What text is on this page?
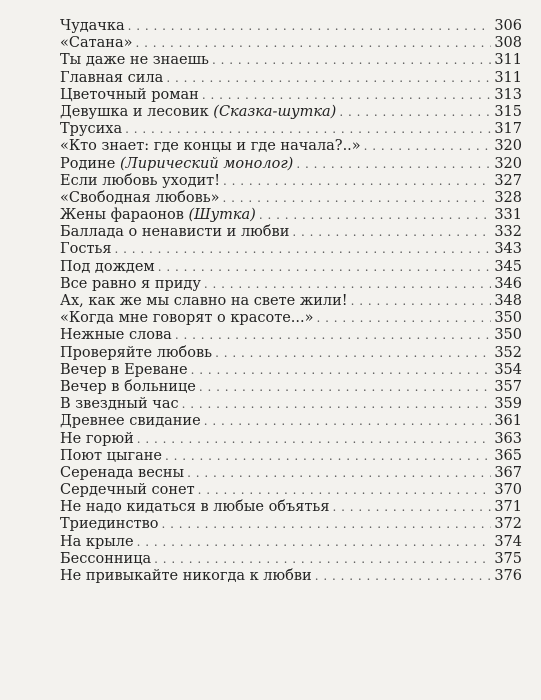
Чудачка . . .	306
«Сатана» . . .	308
Ты даже не знаешь . . .	311
Главная сила . . .	311
Цветочный роман . . .	313
Девушка и лесовик (Сказка-шутка) . . .	315
Трусиха . . .	317
«Кто знает: где концы и где начала?..» . . .	320
Родине (Лирический монолог) . . .	320
Если любовь уходит! . . .	327
«Свободная любовь» . . .	328
Жены фараонов (Шутка) . . .	331
Баллада о ненависти и любви . . .	332
Гостья . . .	343
Под дождем . . .	345
Все равно я приду . . .	346
Ах, как же мы славно на свете жили! . . .	348
«Когда мне говорят о красоте...» . . .	350
Нежные слова . . .	350
Проверяйте любовь . . .	352
Вечер в Ереване . . .	354
Вечер в больнице . . .	357
В звездный час . . .	359
Древнее свидание . . .	361
Не горюй . . .	363
Поют цыгане . . .	365
Серенада весны . . .	367
Сердечный сонет . . .	370
Не надо кидаться в любые объятья . . .	371
Триединство . . .	372
На крыле . . .	374
Бессонница . . .	375
Не привыкайте никогда к любви . . .	376
